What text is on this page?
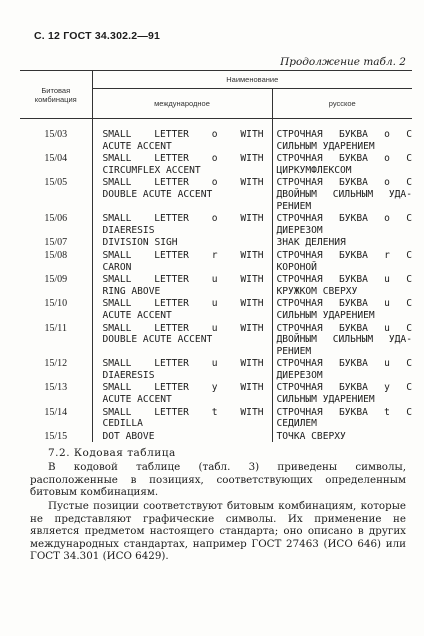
С. 12 ГОСТ 34.302.2—91
Продолжение табл. 2
Битовая комбинация	Наименование	
	международное	русское
15/03	SMALL LETTER o WITH
ACUTE ACCENT	СТРОЧНАЯ БУКВА o С
СИЛЬНЫМ УДАРЕНИЕМ

15/04	SMALL LETTER o WITH
CIRCUMFLEX ACCENT	СТРОЧНАЯ БУКВА o С
ЦИРКУМФЛЕКСОМ

15/05	SMALL LETTER o WITH
DOUBLE ACUTE ACCENT	СТРОЧНАЯ БУКВА o С
ДВОЙНЫМ СИЛЬНЫМ УДА-
РЕНИЕМ

15/06	SMALL LETTER o WITH
DIAERESIS	СТРОЧНАЯ БУКВА o С
ДИЕРЕЗОМ

15/07	DIVISION SIGH	ЗНАК ДЕЛЕНИЯ

15/08	SMALL LETTER r WITH
CARON	СТРОЧНАЯ БУКВА r С
КОРОНОЙ

15/09	SMALL LETTER u WITH
RING ABOVE	СТРОЧНАЯ БУКВА u С
КРУЖКОМ СВЕРХУ

15/10	SMALL LETTER u WITH
ACUTE ACCENT	СТРОЧНАЯ БУКВА u С
СИЛЬНЫМ УДАРЕНИЕМ

15/11	SMALL LETTER u WITH
DOUBLE ACUTE ACCENT	СТРОЧНАЯ БУКВА u С
ДВОЙНЫМ СИЛЬНЫМ УДА-
РЕНИЕМ

15/12	SMALL LETTER u WITH
DIAERESIS	СТРОЧНАЯ БУКВА u С
ДИЕРЕЗОМ

15/13	SMALL LETTER y WITH
ACUTE ACCENT	СТРОЧНАЯ БУКВА y С
СИЛЬНЫМ УДАРЕНИЕМ

15/14	SMALL LETTER t WITH
CEDILLA	СТРОЧНАЯ БУКВА t С
СЕДИЛЕМ

15/15	DOT ABOVE	ТОЧКА СВЕРХУ
7.2. Кодовая таблица
В кодовой таблице (табл. 3) приведены символы, расположенные в позициях, соответствующих определенным битовым комбинациям.
Пустые позиции соответствуют битовым комбинациям, которые не представляют графические символы. Их применение не является предметом настоящего стандарта; оно описано в других международных стандартах, например ГОСТ 27463 (ИСО 646) или ГОСТ 34.301 (ИСО 6429).
